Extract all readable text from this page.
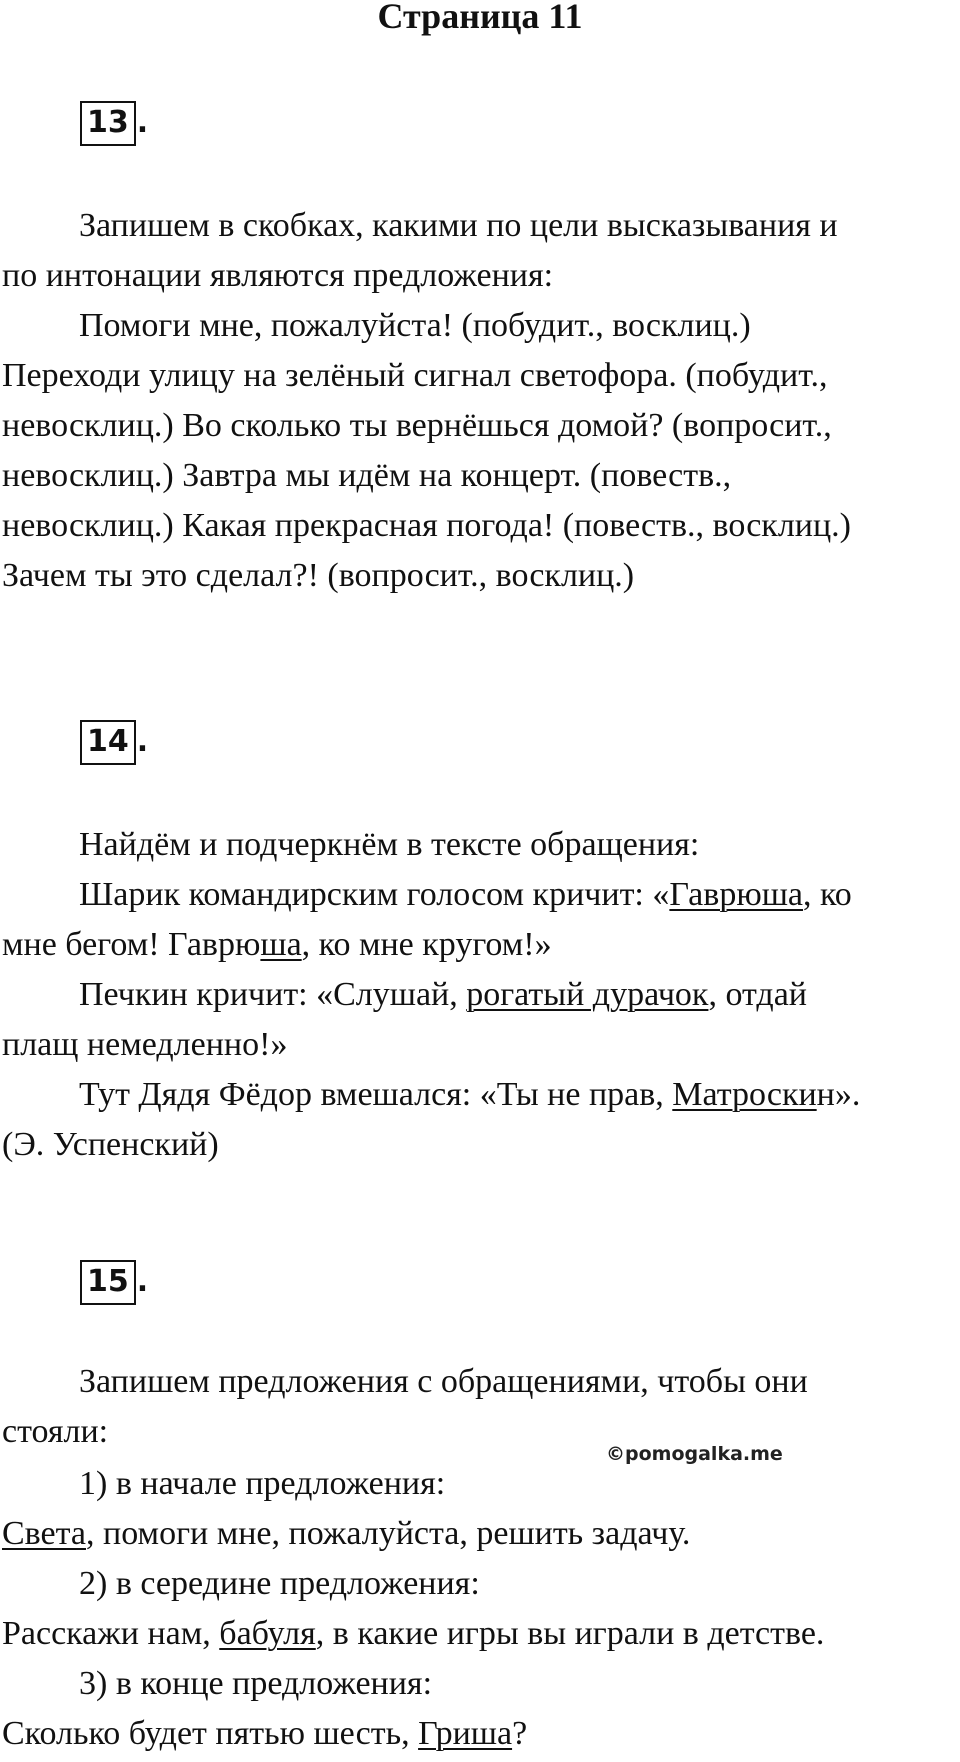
Страница 11
13 .
Запишем в скобках, какими по цели высказывания и
по интонации являются предложения:
Помоги мне, пожалуйста! (побудит., восклиц.)
Переходи улицу на зелёный сигнал светофора. (побудит.,
невосклиц.) Во сколько ты вернёшься домой? (вопросит.,
невосклиц.) Завтра мы идём на концерт. (повеств.,
невосклиц.) Какая прекрасная погода! (повеств., восклиц.)
Зачем ты это сделал?! (вопросит., восклиц.)
14 .
Найдём и подчеркнём в тексте обращения:
Шарик командирским голосом кричит: «Гаврюша, ко
мне бегом! Гаврюша, ко мне кругом!»
Печкин кричит: «Слушай, рогатый дурачок, отдай
плащ немедленно!»
Тут Дядя Фёдор вмешался: «Ты не прав, Матроскин».
(Э. Успенский)
15 .
Запишем предложения с обращениями, чтобы они
стояли:
1) в начале предложения:
Света, помоги мне, пожалуйста, решить задачу.
2) в середине предложения:
Расскажи нам, бабуля, в какие игры вы играли в детстве.
3) в конце предложения:
Сколько будет пятью шесть, Гриша?
©pomogalka.me
